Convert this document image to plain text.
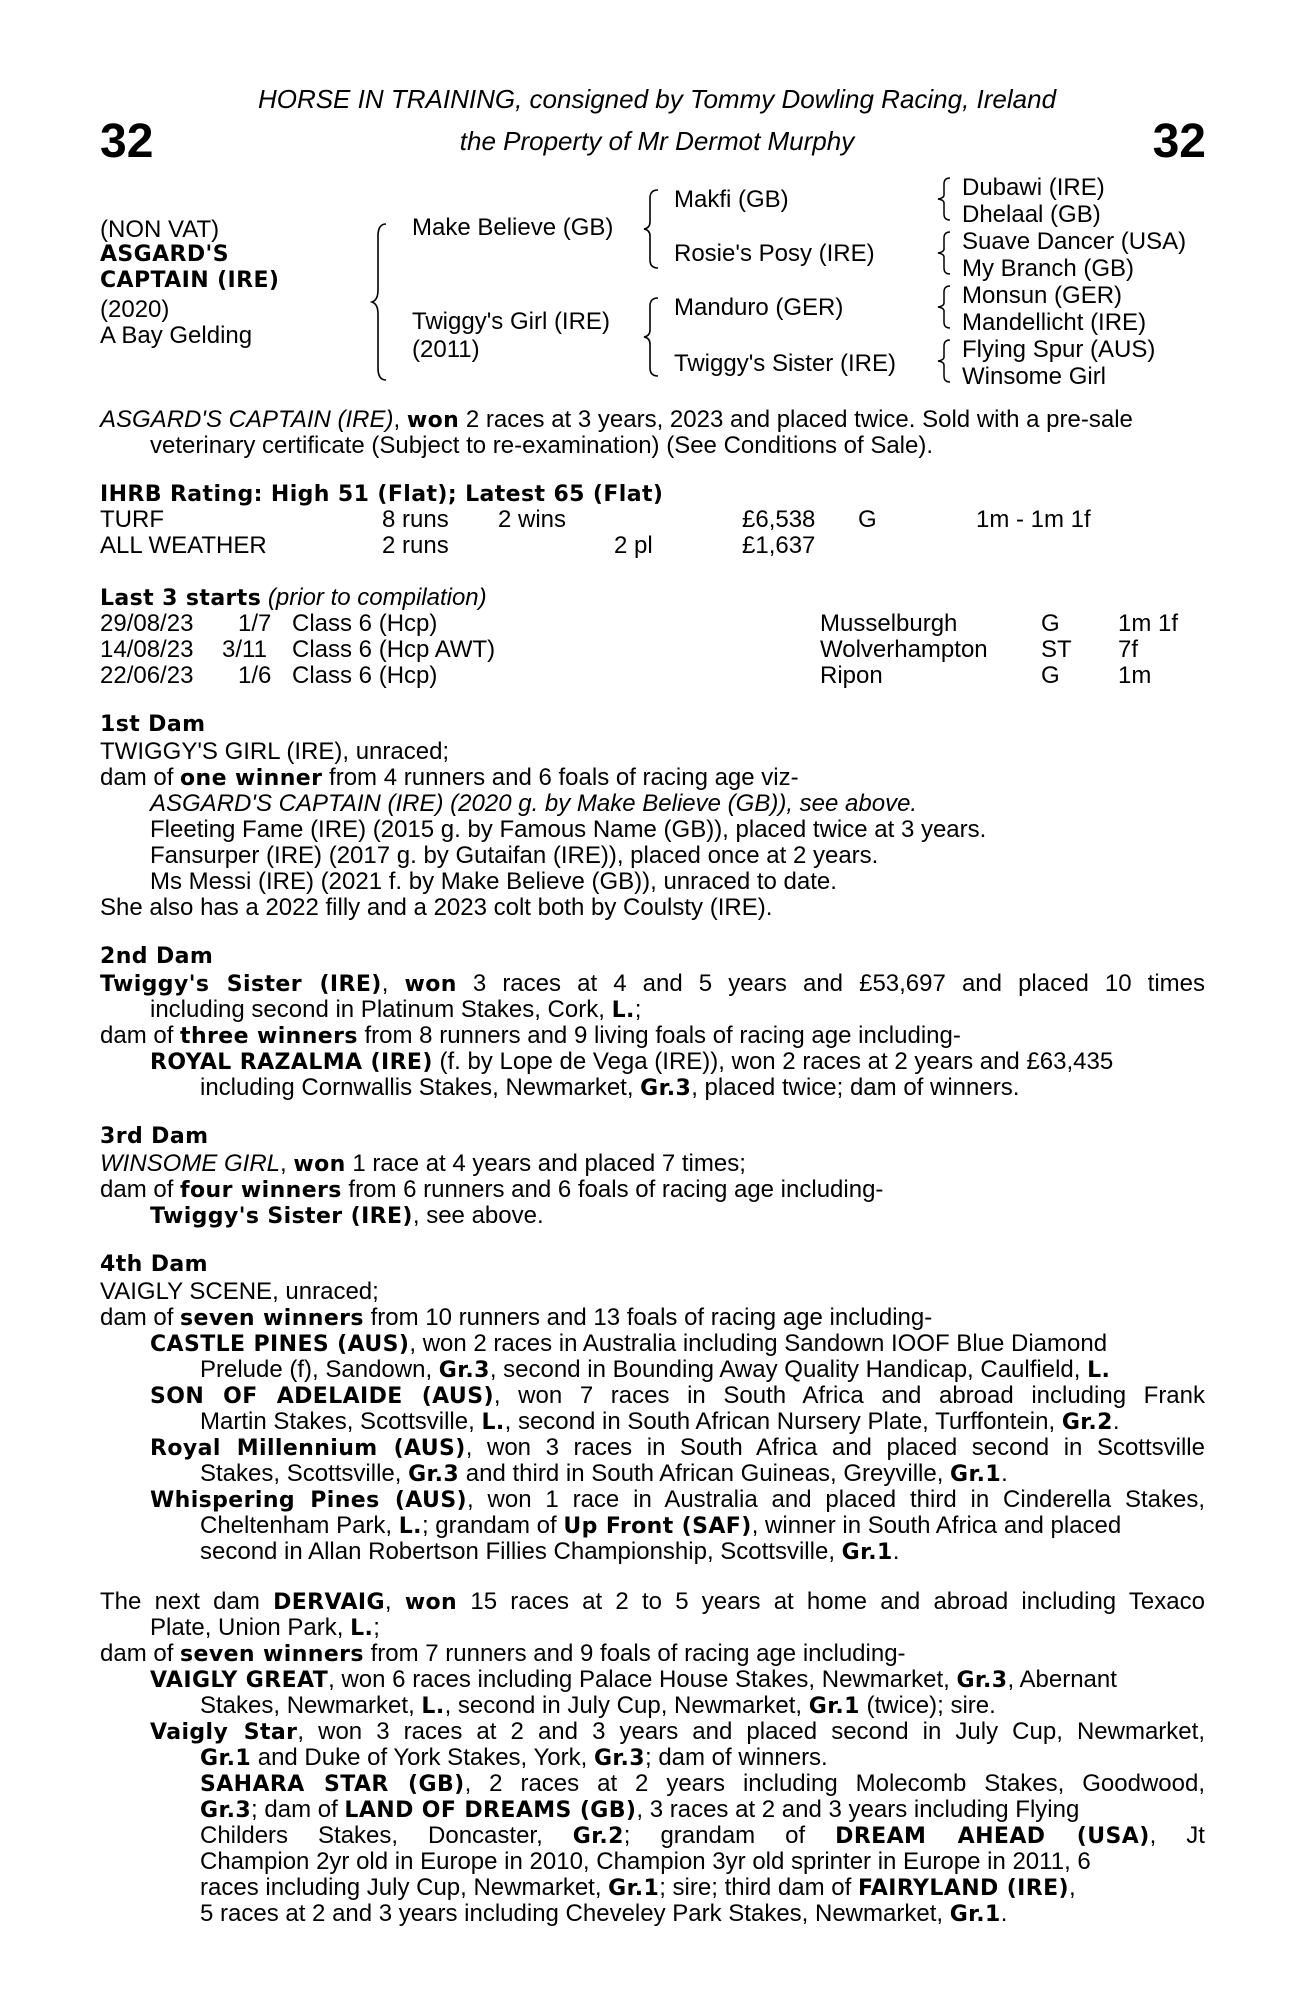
32	32
HORSE IN TRAINING, consigned by Tommy Dowling Racing, Ireland
the Property of Mr Dermot Murphy
(NON VAT)
ASGARD'S
CAPTAIN (IRE)
(2020)
A Bay Gelding
Make Believe (GB)
Twiggy's Girl (IRE)
(2011)
Makfi (GB)
Rosie's Posy (IRE)
Manduro (GER)
Twiggy's Sister (IRE)
Dubawi (IRE)
Dhelaal (GB)
Suave Dancer (USA)
My Branch (GB)
Monsun (GER)
Mandellicht (IRE)
Flying Spur (AUS)
Winsome Girl
ASGARD'S CAPTAIN (IRE), won 2 races at 3 years, 2023 and placed twice. Sold with a pre-sale
veterinary certificate (Subject to re-examination) (See Conditions of Sale).
IHRB Rating: High 51 (Flat); Latest 65 (Flat)
TURF	8 runs 2 wins	£6,538 G	1m - 1m 1f
ALL WEATHER	2 runs	2 pl	£1,637
Last 3 starts (prior to compilation)
29/08/23 1/7 Class 6 (Hcp)	Musselburgh	G 1m 1f
14/08/23 3/11 Class 6 (Hcp AWT)	Wolverhampton ST 7f
22/06/23 1/6 Class 6 (Hcp)	Ripon	G 1m
1st Dam
TWIGGY'S GIRL (IRE), unraced;
dam of one winner from 4 runners and 6 foals of racing age viz-
ASGARD'S CAPTAIN (IRE) (2020 g. by Make Believe (GB)), see above.
Fleeting Fame (IRE) (2015 g. by Famous Name (GB)), placed twice at 3 years.
Fansurper (IRE) (2017 g. by Gutaifan (IRE)), placed once at 2 years.
Ms Messi (IRE) (2021 f. by Make Believe (GB)), unraced to date.
She also has a 2022 filly and a 2023 colt both by Coulsty (IRE).
2nd Dam
Twiggy's Sister (IRE), won 3 races at 4 and 5 years and £53,697 and placed 10 times
including second in Platinum Stakes, Cork, L.;
dam of three winners from 8 runners and 9 living foals of racing age including-
ROYAL RAZALMA (IRE) (f. by Lope de Vega (IRE)), won 2 races at 2 years and £63,435
including Cornwallis Stakes, Newmarket, Gr.3, placed twice; dam of winners.
3rd Dam
WINSOME GIRL, won 1 race at 4 years and placed 7 times;
dam of four winners from 6 runners and 6 foals of racing age including-
Twiggy's Sister (IRE), see above.
4th Dam
VAIGLY SCENE, unraced;
dam of seven winners from 10 runners and 13 foals of racing age including-
CASTLE PINES (AUS), won 2 races in Australia including Sandown IOOF Blue Diamond
Prelude (f), Sandown, Gr.3, second in Bounding Away Quality Handicap, Caulfield, L.
SON OF ADELAIDE (AUS), won 7 races in South Africa and abroad including Frank
Martin Stakes, Scottsville, L., second in South African Nursery Plate, Turffontein, Gr.2.
Royal Millennium (AUS), won 3 races in South Africa and placed second in Scottsville
Stakes, Scottsville, Gr.3 and third in South African Guineas, Greyville, Gr.1.
Whispering Pines (AUS), won 1 race in Australia and placed third in Cinderella Stakes,
Cheltenham Park, L.; grandam of Up Front (SAF), winner in South Africa and placed
second in Allan Robertson Fillies Championship, Scottsville, Gr.1.
The next dam DERVAIG, won 15 races at 2 to 5 years at home and abroad including Texaco
Plate, Union Park, L.;
dam of seven winners from 7 runners and 9 foals of racing age including-
VAIGLY GREAT, won 6 races including Palace House Stakes, Newmarket, Gr.3, Abernant
Stakes, Newmarket, L., second in July Cup, Newmarket, Gr.1 (twice); sire.
Vaigly Star, won 3 races at 2 and 3 years and placed second in July Cup, Newmarket,
Gr.1 and Duke of York Stakes, York, Gr.3; dam of winners.
SAHARA STAR (GB), 2 races at 2 years including Molecomb Stakes, Goodwood,
Gr.3; dam of LAND OF DREAMS (GB), 3 races at 2 and 3 years including Flying
Childers Stakes, Doncaster, Gr.2; grandam of DREAM AHEAD (USA), Jt
Champion 2yr old in Europe in 2010, Champion 3yr old sprinter in Europe in 2011, 6
races including July Cup, Newmarket, Gr.1; sire; third dam of FAIRYLAND (IRE),
5 races at 2 and 3 years including Cheveley Park Stakes, Newmarket, Gr.1.
